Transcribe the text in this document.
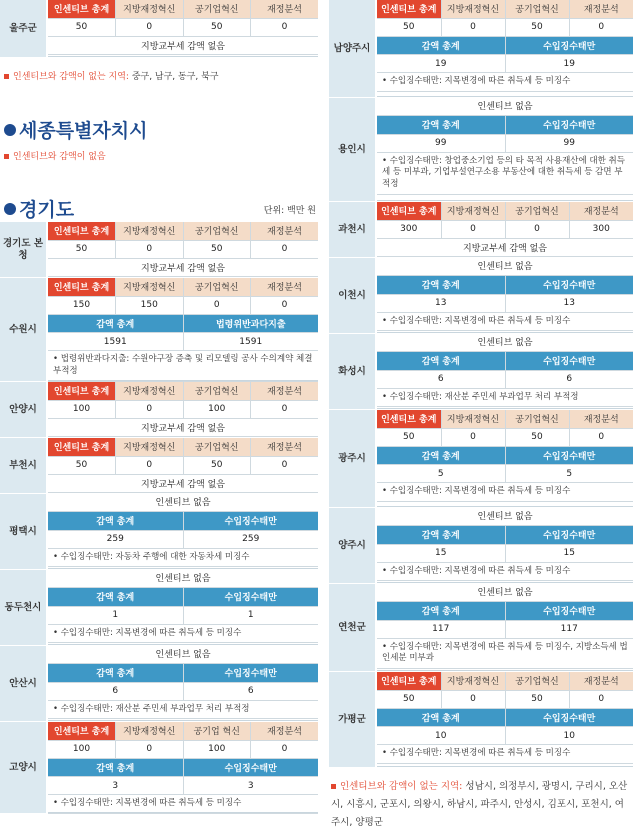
울주군
인센티브 총계	지방재정혁신	공기업혁신	재정분석
50	0	50	0
지방교부세 감액 없음			
인센티브와 감액이 없는 지역: 중구, 남구, 동구, 북구
세종특별자치시
인센티브와 감액이 없음
경기도	단위: 백만 원
경기도 본청
인센티브 총계	지방재정혁신	공기업혁신	재정분석
50	0	50	0
지방교부세 감액 없음			
수원시
인센티브 총계	지방재정혁신	공기업혁신	재정분석
150	150	0	0
감액 총계	법령위반과다지출
1591	1591
• 법령위반과다지출: 수원야구장 증축 및 리모델링 공사 수의계약 체결 부적정
안양시
인센티브 총계	지방재정혁신	공기업혁신	재정분석
100	0	100	0
지방교부세 감액 없음			
부천시
인센티브 총계	지방재정혁신	공기업혁신	재정분석
50	0	50	0
지방교부세 감액 없음			
평택시
인센티브 없음
감액 총계	수입징수태만
259	259
• 수입징수태만: 자동차 주행에 대한 자동차세 미징수
동두천시
인센티브 없음
감액 총계	수입징수태만
1	1
• 수입징수태만: 지목변경에 따른 취득세 등 미징수
안산시
인센티브 없음
감액 총계	수입징수태만
6	6
• 수입징수태만: 재산분 주민세 부과업무 처리 부적정
고양시
인센티브 총계	지방재정혁신	공기업 혁신	재정분석
100	0	100	0
감액 총계	수입징수태만
3	3
• 수입징수태만: 지목변경에 따른 취득세 등 미징수
남양주시
인센티브 총계	지방재정혁신	공기업혁신	재정분석
50	0	50	0
감액 총계	수입징수태만
19	19
• 수입징수태만: 지목변경에 따른 취득세 등 미징수
용인시
인센티브 없음
감액 총계	수입징수태만
99	99
• 수입징수태만: 창업중소기업 등의 타 목적 사용재산에 대한 취득세 등 미부과, 기업부설연구소용 부동산에 대한 취득세 등 감면 부적정
과천시
인센티브 총계	지방재정혁신	공기업혁신	재정분석
300	0	0	300
지방교부세 감액 없음			
이천시
인센티브 없음
감액 총계	수입징수태만
13	13
• 수입징수태만: 지목변경에 따른 취득세 등 미징수
화성시
인센티브 없음
감액 총계	수입징수태만
6	6
• 수입징수태만: 재산분 주민세 부과업무 처리 부적정
광주시
인센티브 총계	지방재정혁신	공기업혁신	재정분석
50	0	50	0
감액 총계	수입징수태만
5	5
• 수입징수태만: 지목변경에 따른 취득세 등 미징수
양주시
인센티브 없음
감액 총계	수입징수태만
15	15
• 수입징수태만: 지목변경에 따른 취득세 등 미징수
연천군
인센티브 없음
감액 총계	수입징수태만
117	117
• 수입징수태만: 지목변경에 따른 취득세 등 미징수, 지방소득세 법인세분 미부과
가평군
인센티브 총계	지방재정혁신	공기업혁신	재정분석
50	0	50	0
감액 총계	수입징수태만
10	10
• 수입징수태만: 지목변경에 따른 취득세 등 미징수
인센티브와 감액이 없는 지역: 성남시, 의정부시, 광명시, 구리시, 오산시, 시흥시, 군포시, 의왕시, 하남시, 파주시, 안성시, 김포시, 포천시, 여주시, 양평군
